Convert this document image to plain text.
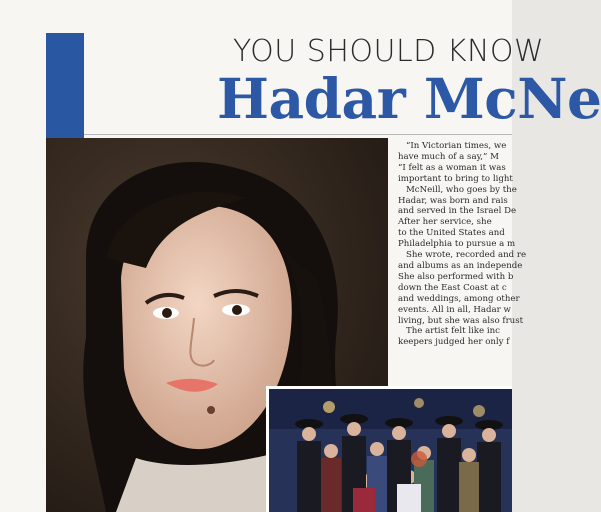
YOU SHOULD KNOW
Hadar McNe

“In Victorian times, we

have much of a say,” M

“I felt as a woman it was

important to bring to light

McNeill, who goes by the

Hadar, was born and rais

and served in the Israel De

After her service, she

to the United States and

Philadelphia to pursue a m

She wrote, recorded and re

and albums as an independe

She also performed with b

down the East Coast at c

and weddings, among other

events. All in all, Hadar w

living, but she was also frust

The artist felt like inc

keepers judged her only f
